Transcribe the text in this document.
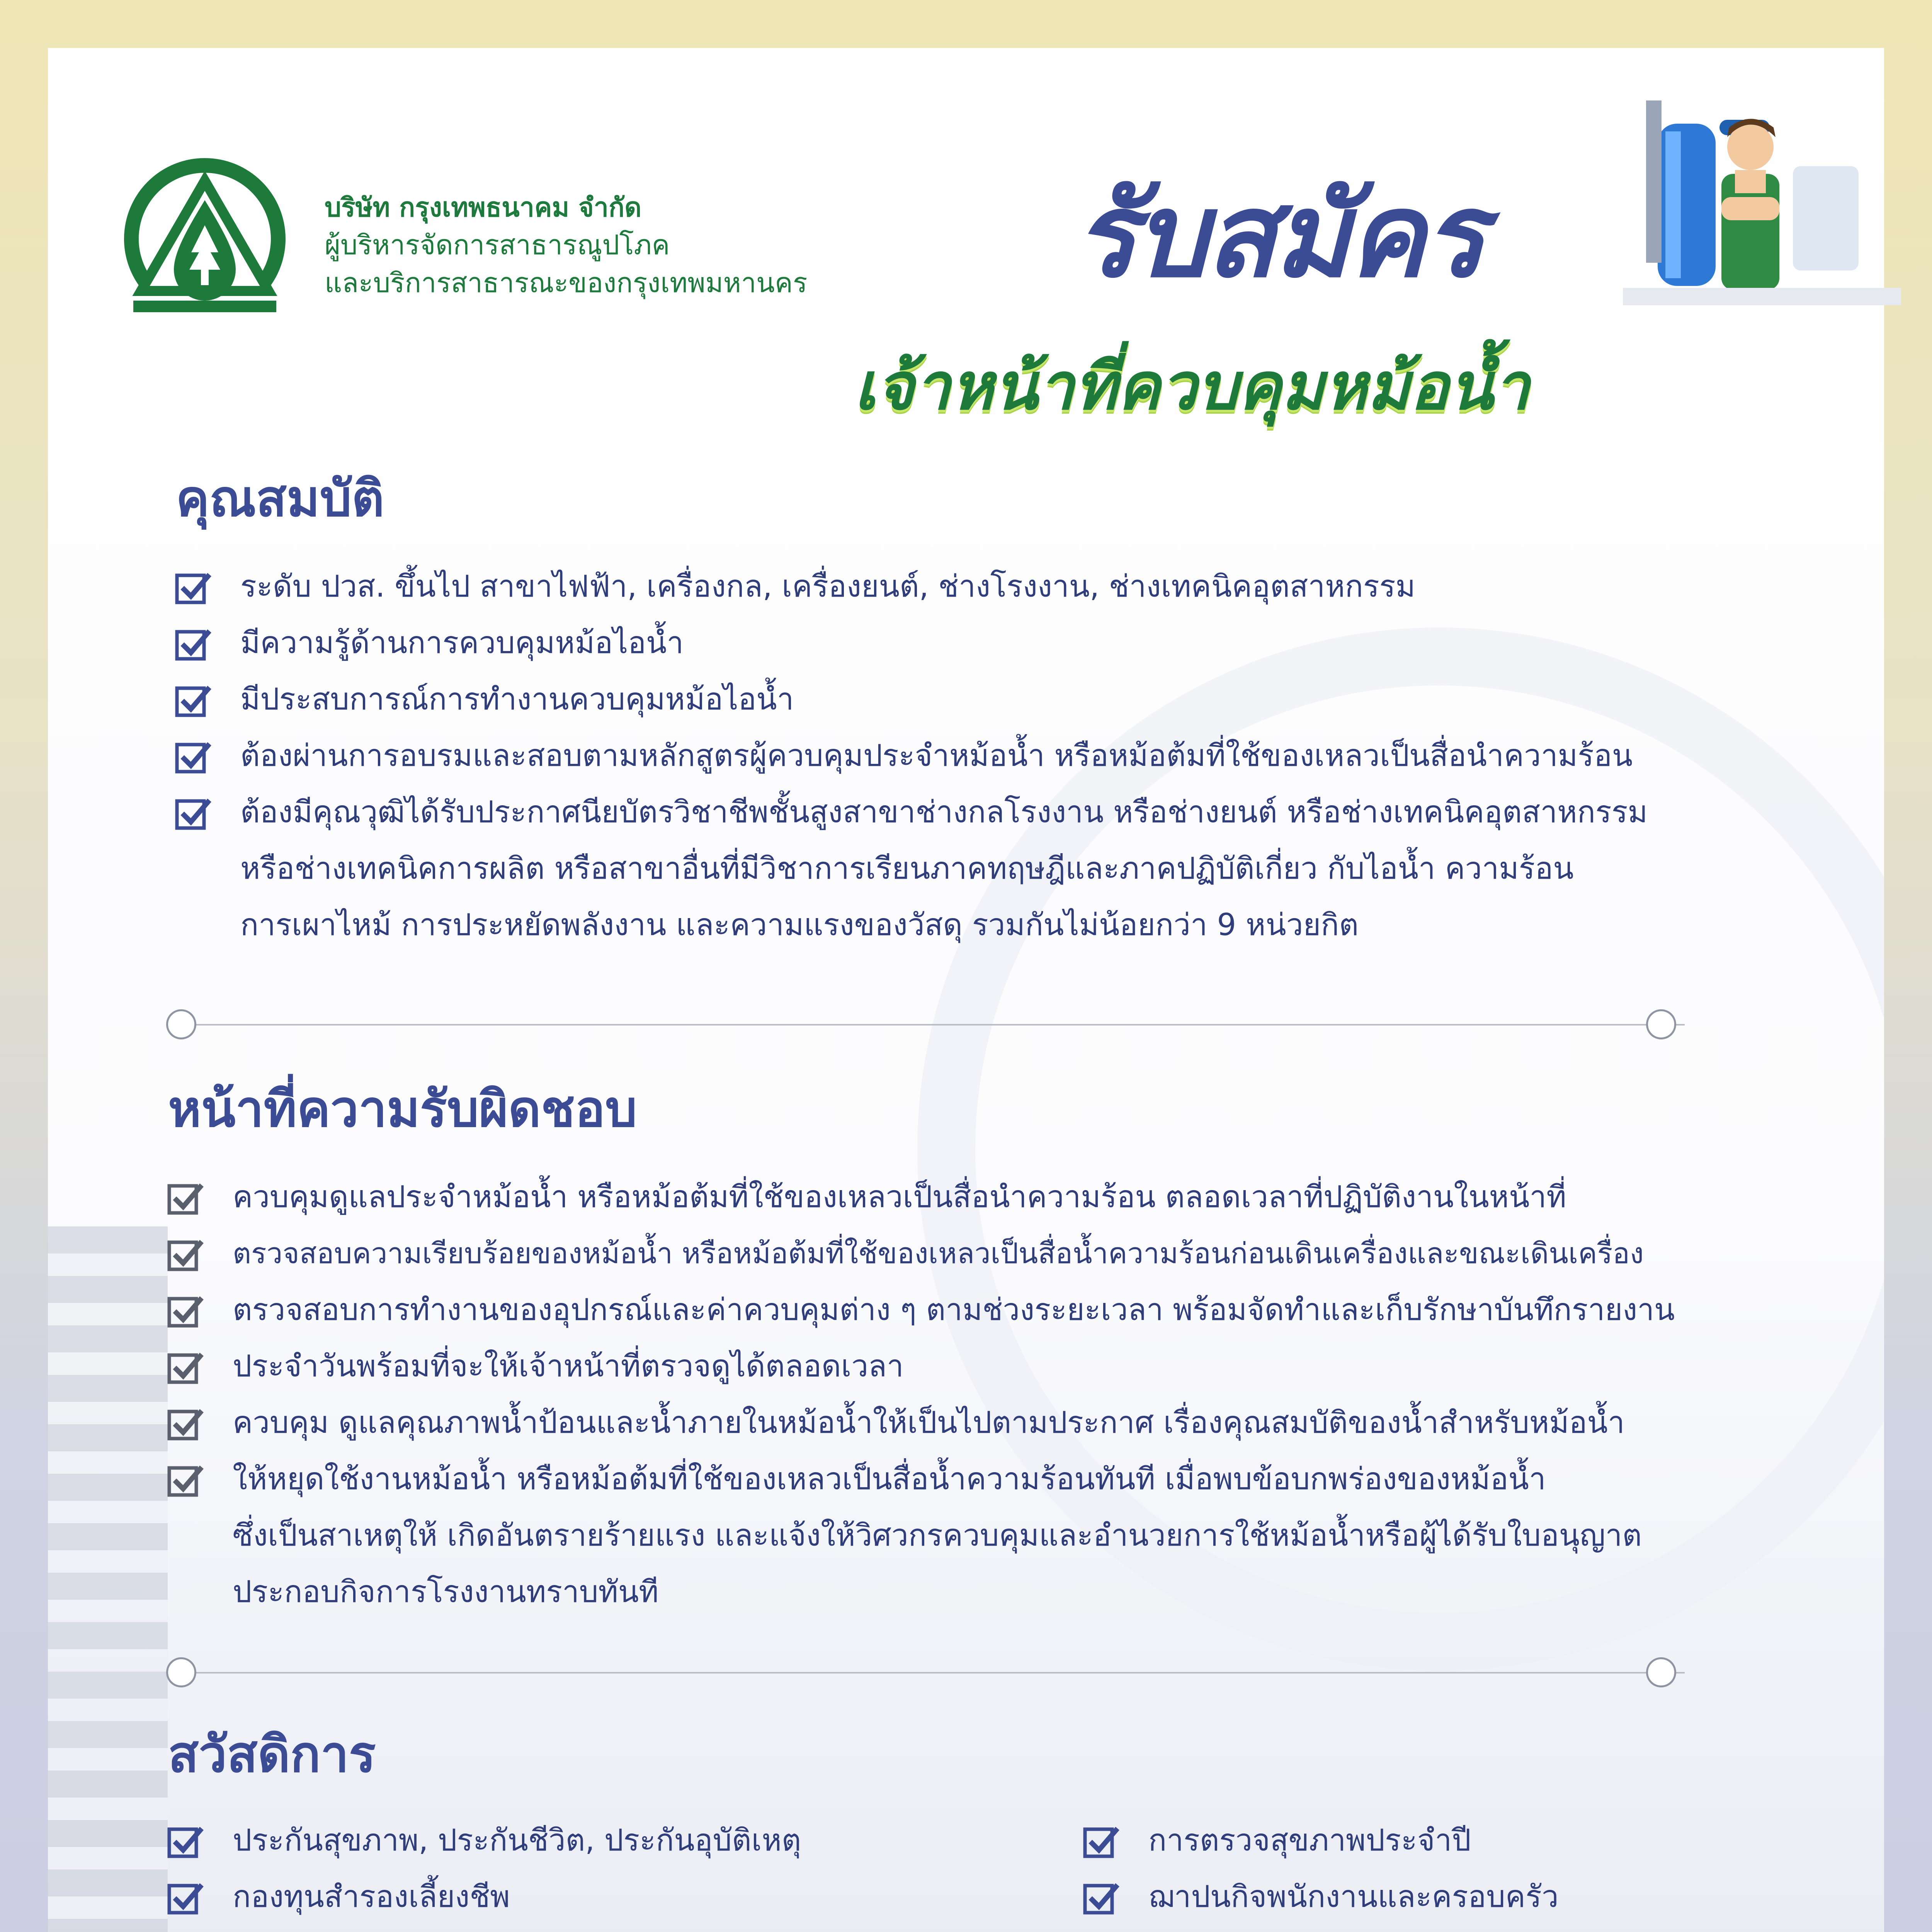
บริษัท กรุงเทพธนาคม จำกัด
ผู้บริหารจัดการสาธารณูปโภค
และบริการสาธารณะของกรุงเทพมหานคร	รับสมัคร
เจ้าหน้าที่ควบคุมหม้อน้ำ
คุณสมบัติ
ระดับ ปวส. ขึ้นไป สาขาไฟฟ้า, เครื่องกล, เครื่องยนต์, ช่างโรงงาน, ช่างเทคนิคอุตสาหกรรม
มีความรู้ด้านการควบคุมหม้อไอน้ำ
มีประสบการณ์การทำงานควบคุมหม้อไอน้ำ
ต้องผ่านการอบรมและสอบตามหลักสูตรผู้ควบคุมประจำหม้อน้ำ หรือหม้อต้มที่ใช้ของเหลวเป็นสื่อนำความร้อน
ต้องมีคุณวุฒิได้รับประกาศนียบัตรวิชาชีพชั้นสูงสาขาช่างกลโรงงาน หรือช่างยนต์ หรือช่างเทคนิคอุตสาหกรรม
หรือช่างเทคนิคการผลิต หรือสาขาอื่นที่มีวิชาการเรียนภาคทฤษฎีและภาคปฏิบัติเกี่ยว กับไอน้ำ ความร้อน
การเผาไหม้ การประหยัดพลังงาน และความแรงของวัสดุ รวมกันไม่น้อยกว่า 9 หน่วยกิต
หน้าที่ความรับผิดชอบ
ควบคุมดูแลประจำหม้อน้ำ หรือหม้อต้มที่ใช้ของเหลวเป็นสื่อนำความร้อน ตลอดเวลาที่ปฏิบัติงานในหน้าที่
ตรวจสอบความเรียบร้อยของหม้อน้ำ หรือหม้อต้มที่ใช้ของเหลวเป็นสื่อน้ำความร้อนก่อนเดินเครื่องและขณะเดินเครื่อง
ตรวจสอบการทำงานของอุปกรณ์และค่าควบคุมต่าง ๆ ตามช่วงระยะเวลา พร้อมจัดทำและเก็บรักษาบันทึกรายงาน
ประจำวันพร้อมที่จะให้เจ้าหน้าที่ตรวจดูได้ตลอดเวลา
ควบคุม ดูแลคุณภาพน้ำป้อนและน้ำภายในหม้อน้ำให้เป็นไปตามประกาศ เรื่องคุณสมบัติของน้ำสำหรับหม้อน้ำ
ให้หยุดใช้งานหม้อน้ำ หรือหม้อต้มที่ใช้ของเหลวเป็นสื่อน้ำความร้อนทันที เมื่อพบข้อบกพร่องของหม้อน้ำ
ซึ่งเป็นสาเหตุให้ เกิดอันตรายร้ายแรง และแจ้งให้วิศวกรควบคุมและอำนวยการใช้หม้อน้ำหรือผู้ได้รับใบอนุญาต
ประกอบกิจการโรงงานทราบทันที
สวัสดิการ
ประกันสุขภาพ, ประกันชีวิต, ประกันอุบัติเหตุ
กองทุนสำรองเลี้ยงชีพ
การตรวจสุขภาพประจำปี
ฌาปนกิจพนักงานและครอบครัว
